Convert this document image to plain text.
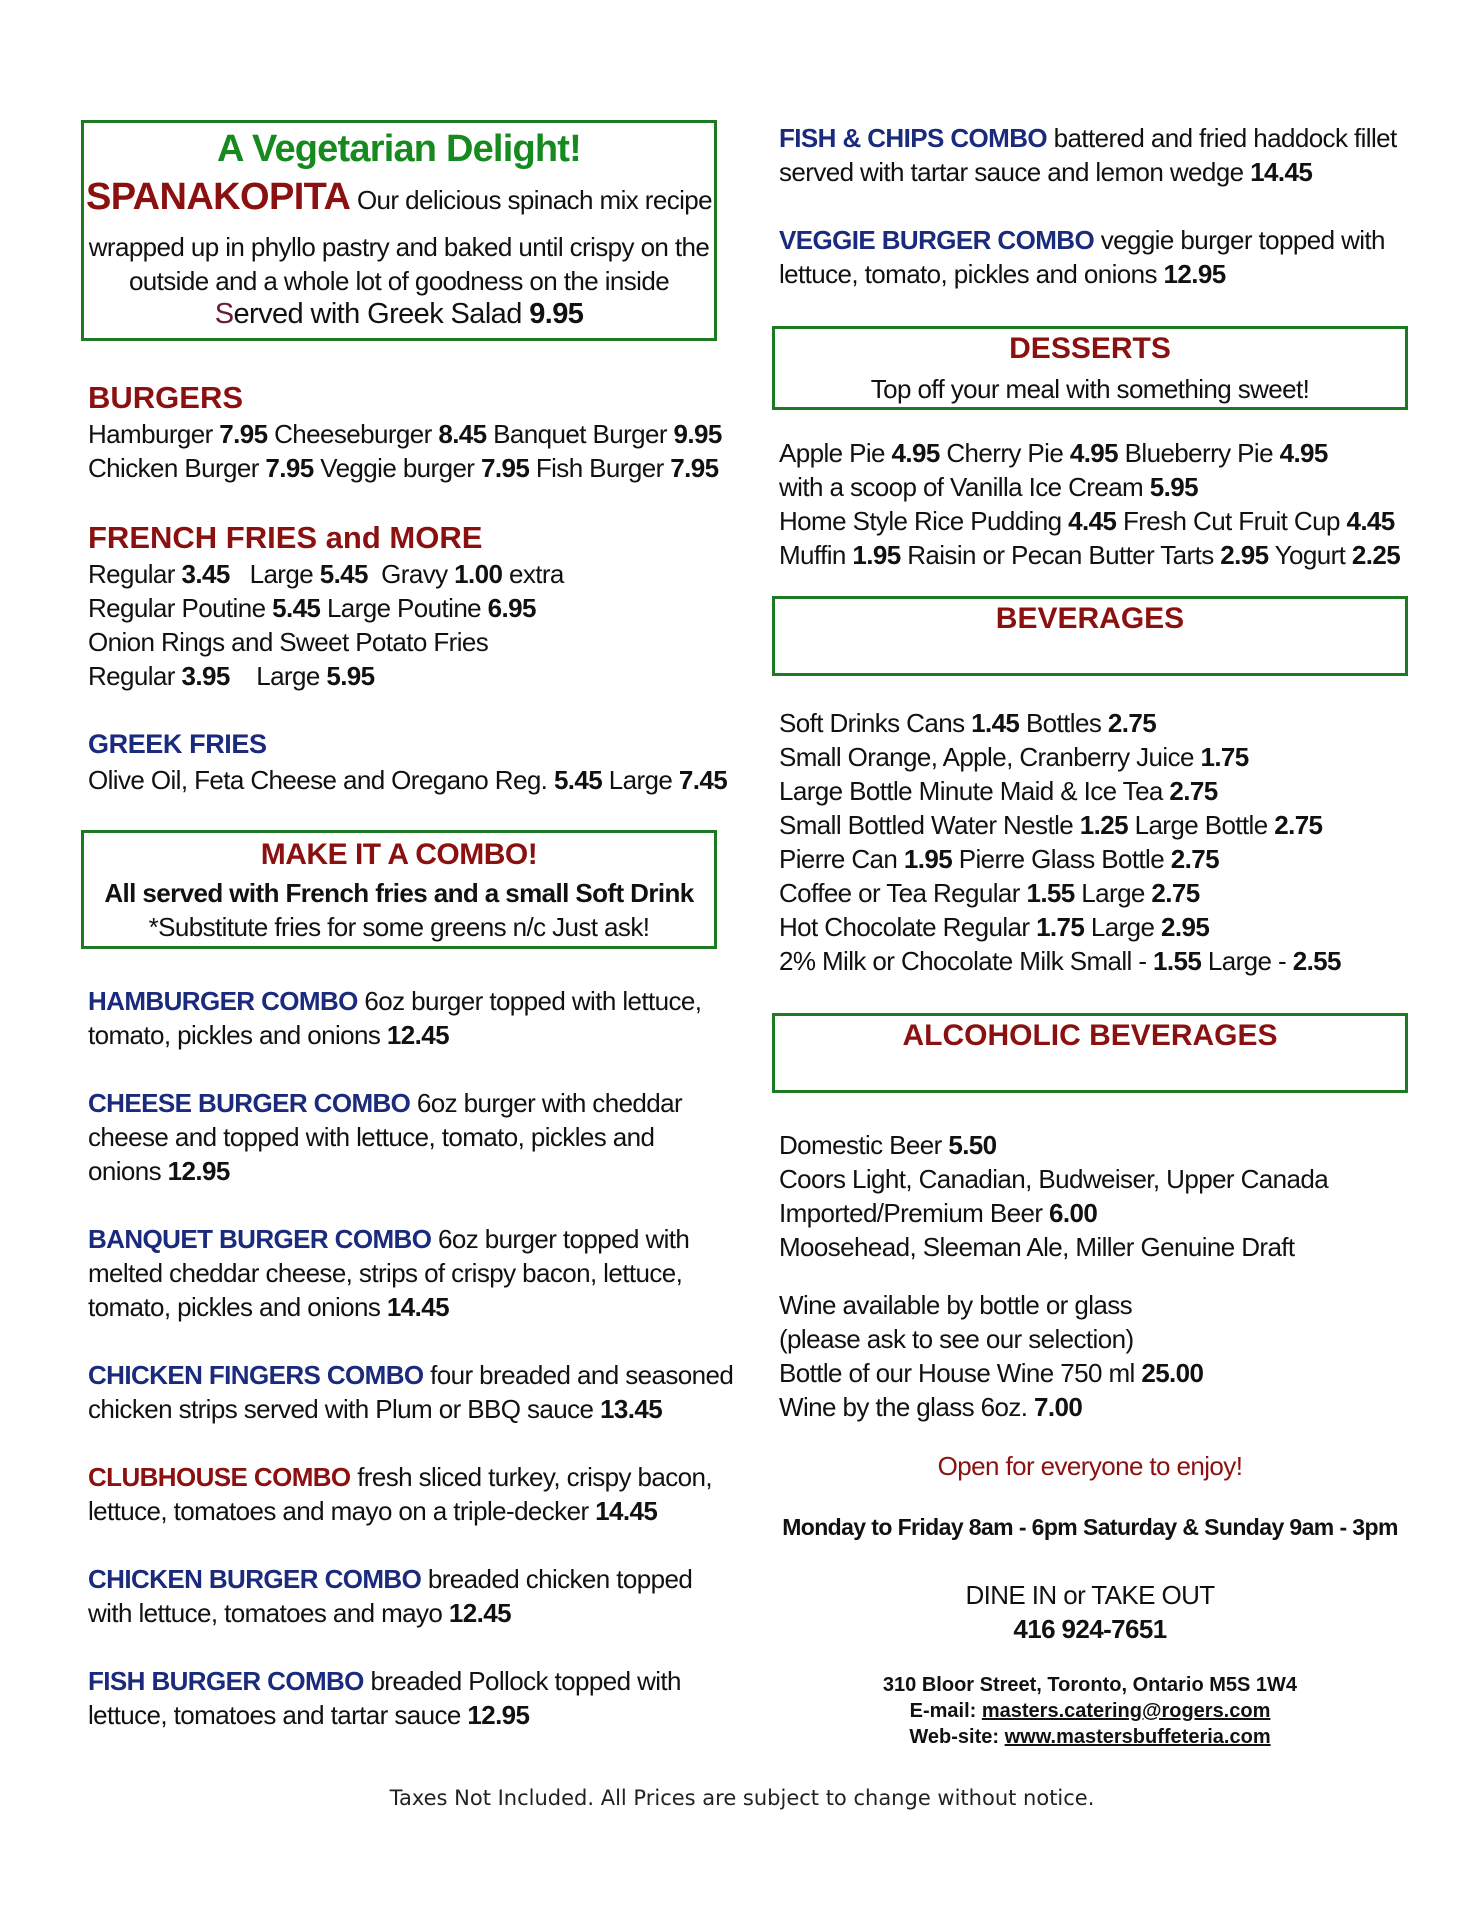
A Vegetarian Delight!
SPANAKOPITA Our delicious spinach mix recipe
wrapped up in phyllo pastry and baked until crispy on the
outside and a whole lot of goodness on the inside
Served with Greek Salad 9.95
BURGERS
Hamburger 7.95 Cheeseburger 8.45 Banquet Burger 9.95
Chicken Burger 7.95 Veggie burger 7.95 Fish Burger 7.95
FRENCH FRIES and MORE
Regular 3.45 Large 5.45 Gravy 1.00 extra
Regular Poutine 5.45 Large Poutine 6.95
Onion Rings and Sweet Potato Fries
Regular 3.95 Large 5.95
GREEK FRIES
Olive Oil, Feta Cheese and Oregano Reg. 5.45 Large 7.45
MAKE IT A COMBO!
All served with French fries and a small Soft Drink
*Substitute fries for some greens n/c Just ask!
HAMBURGER COMBO 6oz burger topped with lettuce,
tomato, pickles and onions 12.45
CHEESE BURGER COMBO 6oz burger with cheddar
cheese and topped with lettuce, tomato, pickles and
onions 12.95
BANQUET BURGER COMBO 6oz burger topped with
melted cheddar cheese, strips of crispy bacon, lettuce,
tomato, pickles and onions 14.45
CHICKEN FINGERS COMBO four breaded and seasoned
chicken strips served with Plum or BBQ sauce 13.45
CLUBHOUSE COMBO fresh sliced turkey, crispy bacon,
lettuce, tomatoes and mayo on a triple-decker 14.45
CHICKEN BURGER COMBO breaded chicken topped
with lettuce, tomatoes and mayo 12.45
FISH BURGER COMBO breaded Pollock topped with
lettuce, tomatoes and tartar sauce 12.95
FISH & CHIPS COMBO battered and fried haddock fillet
served with tartar sauce and lemon wedge 14.45
VEGGIE BURGER COMBO veggie burger topped with
lettuce, tomato, pickles and onions 12.95
DESSERTS
Top off your meal with something sweet!
Apple Pie 4.95 Cherry Pie 4.95 Blueberry Pie 4.95
with a scoop of Vanilla Ice Cream 5.95
Home Style Rice Pudding 4.45 Fresh Cut Fruit Cup 4.45
Muffin 1.95 Raisin or Pecan Butter Tarts 2.95 Yogurt 2.25
BEVERAGES
Soft Drinks Cans 1.45 Bottles 2.75
Small Orange, Apple, Cranberry Juice 1.75
Large Bottle Minute Maid & Ice Tea 2.75
Small Bottled Water Nestle 1.25 Large Bottle 2.75
Pierre Can 1.95 Pierre Glass Bottle 2.75
Coffee or Tea Regular 1.55 Large 2.75
Hot Chocolate Regular 1.75 Large 2.95
2% Milk or Chocolate Milk Small - 1.55 Large - 2.55
ALCOHOLIC BEVERAGES
Domestic Beer 5.50
Coors Light, Canadian, Budweiser, Upper Canada
Imported/Premium Beer 6.00
Moosehead, Sleeman Ale, Miller Genuine Draft
Wine available by bottle or glass
(please ask to see our selection)
Bottle of our House Wine 750 ml 25.00
Wine by the glass 6oz. 7.00
Open for everyone to enjoy!
Monday to Friday 8am - 6pm Saturday & Sunday 9am - 3pm
DINE IN or TAKE OUT
416 924-7651
310 Bloor Street, Toronto, Ontario M5S 1W4
E-mail: masters.catering@rogers.com
Web-site: www.mastersbuffeteria.com
Taxes Not Included. All Prices are subject to change without notice.
